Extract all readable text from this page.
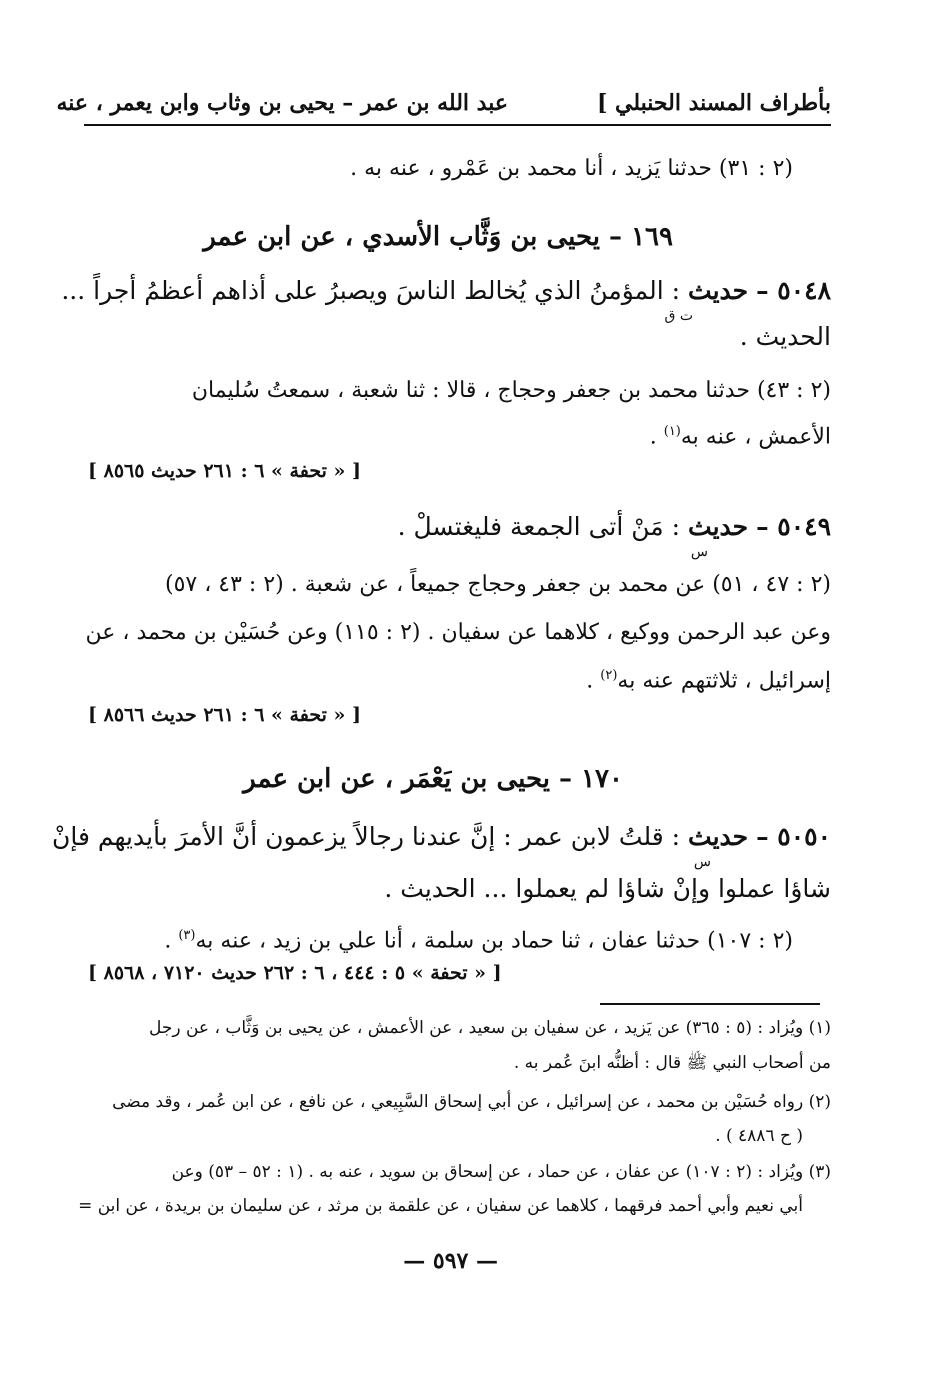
بأطراف المسند الحنبلي ]
عبد الله بن عمر – يحيى بن وثاب وابن يعمر ، عنه
(٢ : ٣١) حدثنا يَزيد ، أنا محمد بن عَمْرو ، عنه به .
١٦٩ – يحيى بن وَثَّاب الأسدي ، عن ابن عمر
٥٠٤٨ – حديث : المؤمنُ الذي يُخالط الناسَ ويصبرُ على أذاهم أعظمُ أجراً ...
ت ق
الحديث .
(٢ : ٤٣) حدثنا محمد بن جعفر وحجاج ، قالا : ثنا شعبة ، سمعتُ سُليمان
الأعمش ، عنه به$^{(١)}$ .
[ « تحفة » ٦ : ٢٦١ حديث ٨٥٦٥ ]
٥٠٤٩ – حديث : مَنْ أتى الجمعة فليغتسلْ .
س
(٢ : ٤٧ ، ٥١) عن محمد بن جعفر وحجاج جميعاً ، عن شعبة . (٢ : ٤٣ ، ٥٧)
وعن عبد الرحمن ووكيع ، كلاهما عن سفيان . (٢ : ١١٥) وعن حُسَيْن بن محمد ، عن
إسرائيل ، ثلاثتهم عنه به$^{(٢)}$ .
[ « تحفة » ٦ : ٢٦١ حديث ٨٥٦٦ ]
١٧٠ – يحيى بن يَعْمَر ، عن ابن عمر
٥٠٥٠ – حديث : قلتُ لابن عمر : إنَّ عندنا رجالاً يزعمون أنَّ الأمرَ بأيديهم فإنْ
س
شاؤا عملوا وإنْ شاؤا لم يعملوا ... الحديث .
(٢ : ١٠٧) حدثنا عفان ، ثنا حماد بن سلمة ، أنا علي بن زيد ، عنه به$^{(٣)}$ .
[ « تحفة » ٥ : ٤٤٤ ، ٦ : ٢٦٢ حديث ٧١٢٠ ، ٨٥٦٨ ]
(١) ويُزاد : (٥ : ٣٦٥) عن يَزيد ، عن سفيان بن سعيد ، عن الأعمش ، عن يحيى بن وَثَّاب ، عن رجل
من أصحاب النبي ﷺ قال : أظنُّه ابنَ عُمر به .
(٢) رواه حُسَيْن بن محمد ، عن إسرائيل ، عن أبي إسحاق السَّبِيعي ، عن نافع ، عن ابن عُمر ، وقد مضى
( ح ٤٨٨٦ ) .
(٣) ويُزاد : (٢ : ١٠٧) عن عفان ، عن حماد ، عن إسحاق بن سويد ، عنه به . (١ : ٥٢ – ٥٣) وعن
أبي نعيم وأبي أحمد فرقهما ، كلاهما عن سفيان ، عن علقمة بن مرثد ، عن سليمان بن بريدة ، عن ابن =
— ٥٩٧ —
